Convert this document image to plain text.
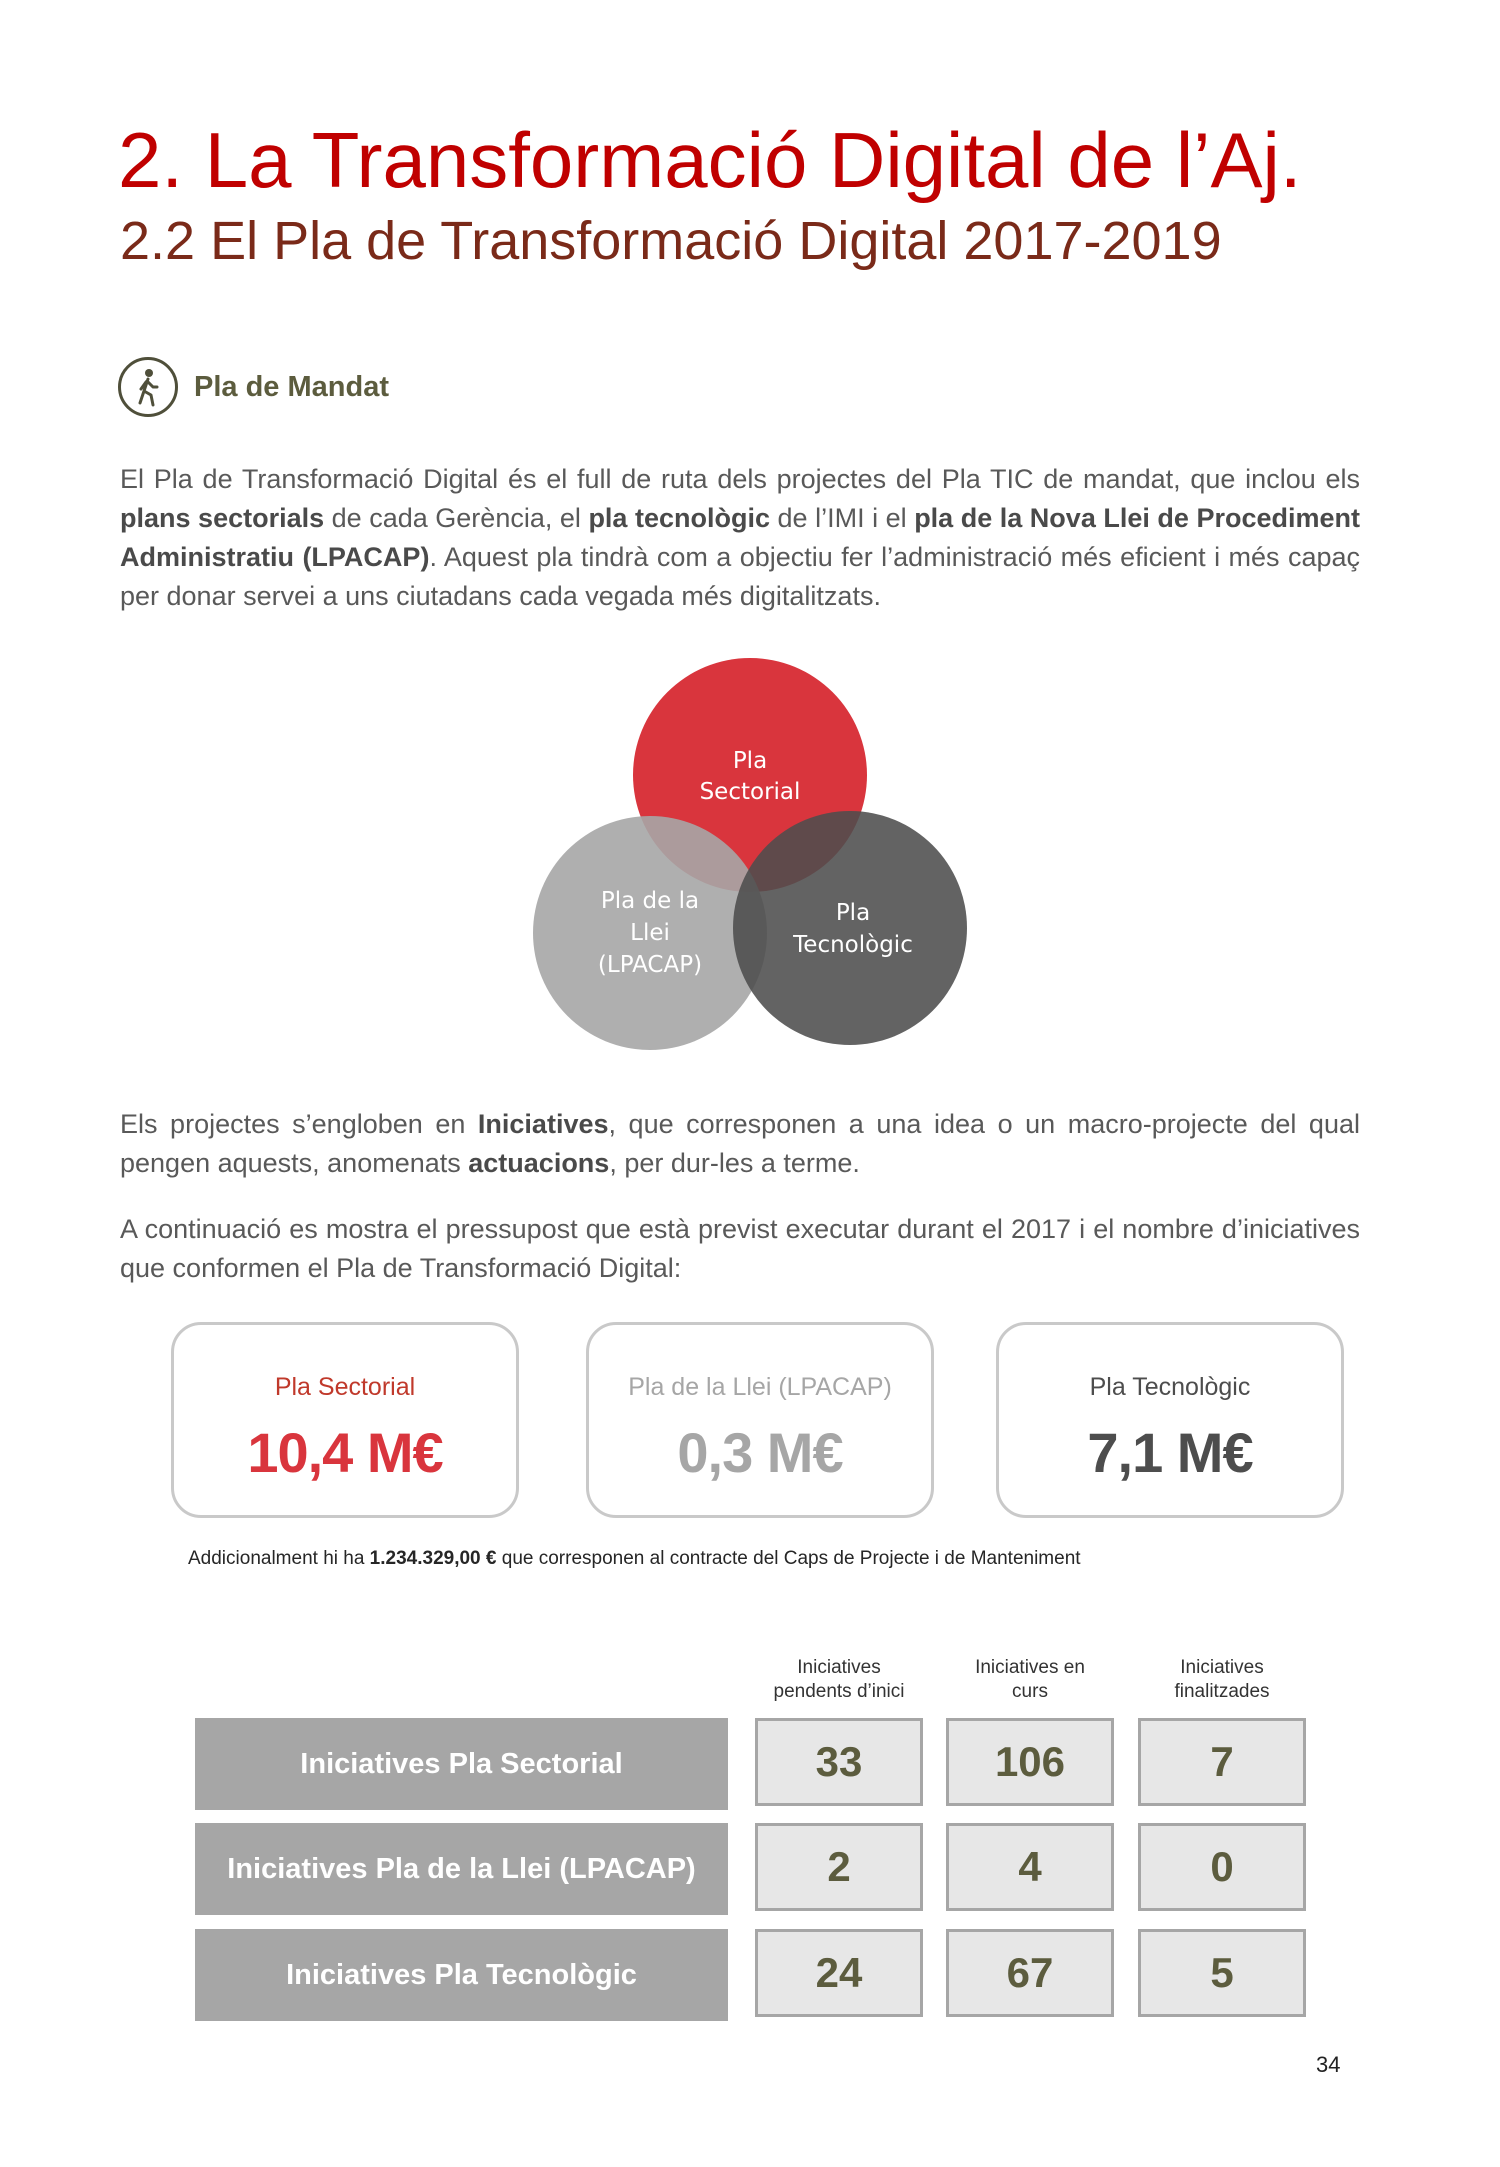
2. La Transformació Digital de l’Aj.
2.2 El Pla de Transformació Digital 2017-2019
Pla de Mandat
El Pla de Transformació Digital és el full de ruta dels projectes del Pla TIC de mandat, que inclou els plans sectorials de cada Gerència, el pla tecnològic de l’IMI i el pla de la Nova Llei de Procediment Administratiu (LPACAP). Aquest pla tindrà com a objectiu fer l’administració més eficient i més capaç per donar servei a uns ciutadans cada vegada més digitalitzats.
Pla
Sectorial
Pla de la
Llei
(LPACAP)
Pla
Tecnològic
Els projectes s’engloben en Iniciatives, que corresponen a una idea o un macro-projecte del qual pengen aquests, anomenats actuacions, per dur-les a terme.
A continuació es mostra el pressupost que està previst executar durant el 2017 i el nombre d’iniciatives que conformen el Pla de Transformació Digital:
Pla Sectorial
10,4 M€
Pla de la Llei (LPACAP)
0,3 M€
Pla Tecnològic
7,1 M€
Addicionalment hi ha 1.234.329,00 € que corresponen al contracte del Caps de Projecte i de Manteniment
Iniciatives
pendents d’inici
Iniciatives en
curs
Iniciatives
finalitzades
Iniciatives Pla Sectorial	33	106	7
Iniciatives Pla de la Llei (LPACAP)	2	4	0
Iniciatives Pla Tecnològic	24	67	5
34
